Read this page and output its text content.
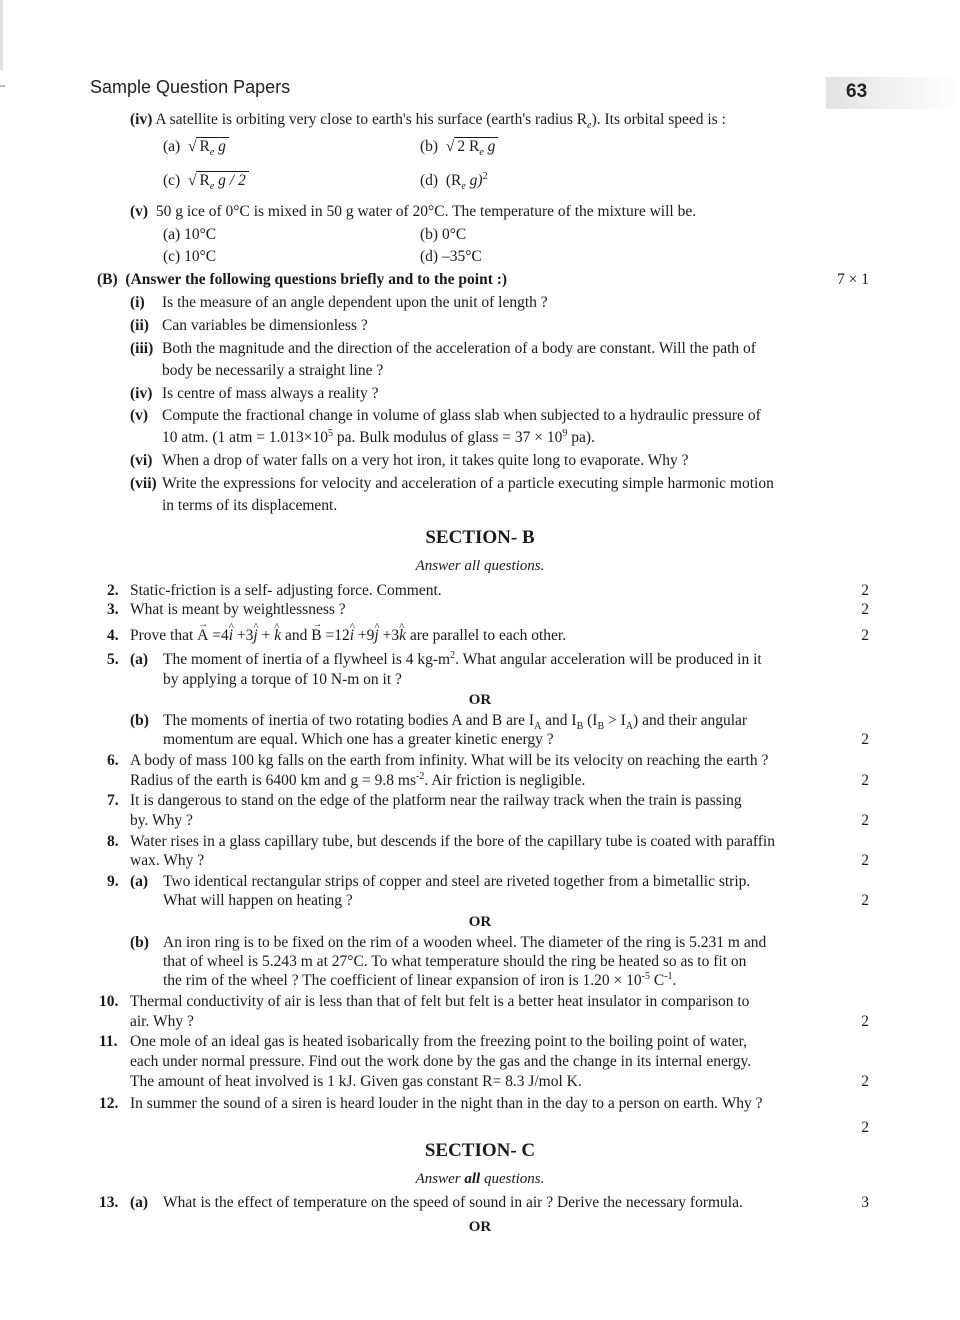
Sample Question Papers	63
(iv) A satellite is orbiting very close to earth's his surface (earth's radius $R_e$). Its orbital speed is :
(a) √ $R_e$ g	(b) √ 2 $R_e$ g
(c) √ $R_e$ g / 2	(d) ($R_e$ g)$^2$
(v) 50 g ice of 0°C is mixed in 50 g water of 20°C. The temperature of the mixture will be.
(a) 10°C	(b) 0°C
(c) 10°C	(d) –35°C
(B) (Answer the following questions briefly and to the point :)	7 × 1
(i) Is the measure of an angle dependent upon the unit of length ?
(ii) Can variables be dimensionless ?
(iii) Both the magnitude and the direction of the acceleration of a body are constant. Will the path of
body be necessarily a straight line ?
(iv) Is centre of mass always a reality ?
(v) Compute the fractional change in volume of glass slab when subjected to a hydraulic pressure of
10 atm. (1 atm = $1.013\times 10^5$ pa. Bulk modulus of glass = $37 \times 10^9$ pa).
(vi) When a drop of water falls on a very hot iron, it takes quite long to evaporate. Why ?
(vii) Write the expressions for velocity and acceleration of a particle executing simple harmonic motion
in terms of its displacement.
SECTION- B
Answer all questions.
2. Static-friction is a self- adjusting force. Comment.	2
3. What is meant by weightlessness ?	2
4. Prove that → A =4^ i +3^ j + ^ k and → B =12^ i +9^ j +3^ k are parallel to each other.	2
5. (a) The moment of inertia of a flywheel is 4 $kg-m^2$. What angular acceleration will be produced in it
by applying a torque of 10 N-m on it ?
OR
(b) The moments of inertia of two rotating bodies A and B are $I_A$ and $I_B$ $(I_B > I_A)$ and their angular
momentum are equal. Which one has a greater kinetic energy ?	2
6. A body of mass 100 kg falls on the earth from infinity. What will be its velocity on reaching the earth ?
Radius of the earth is 6400 km and g = 9.8 $ms^{-2}$. Air friction is negligible.	2
7. It is dangerous to stand on the edge of the platform near the railway track when the train is passing
by. Why ?	2
8. Water rises in a glass capillary tube, but descends if the bore of the capillary tube is coated with paraffin
wax. Why ?	2
9. (a) Two identical rectangular strips of copper and steel are riveted together from a bimetallic strip.
What will happen on heating ?	2
OR
(b) An iron ring is to be fixed on the rim of a wooden wheel. The diameter of the ring is 5.231 m and
that of wheel is 5.243 m at 27°C. To what temperature should the ring be heated so as to fit on
the rim of the wheel ? The coefficient of linear expansion of iron is $1.20 \times 10^{-5}$ $C^{-1}$.
10. Thermal conductivity of air is less than that of felt but felt is a better heat insulator in comparison to
air. Why ?	2
11. One mole of an ideal gas is heated isobarically from the freezing point to the boiling point of water,
each under normal pressure. Find out the work done by the gas and the change in its internal energy.
The amount of heat involved is 1 kJ. Given gas constant R= 8.3 J/mol K.	2
12. In summer the sound of a siren is heard louder in the night than in the day to a person on earth. Why ?
2
SECTION- C
Answer all questions.
13. (a) What is the effect of temperature on the speed of sound in air ? Derive the necessary formula.	3
OR
